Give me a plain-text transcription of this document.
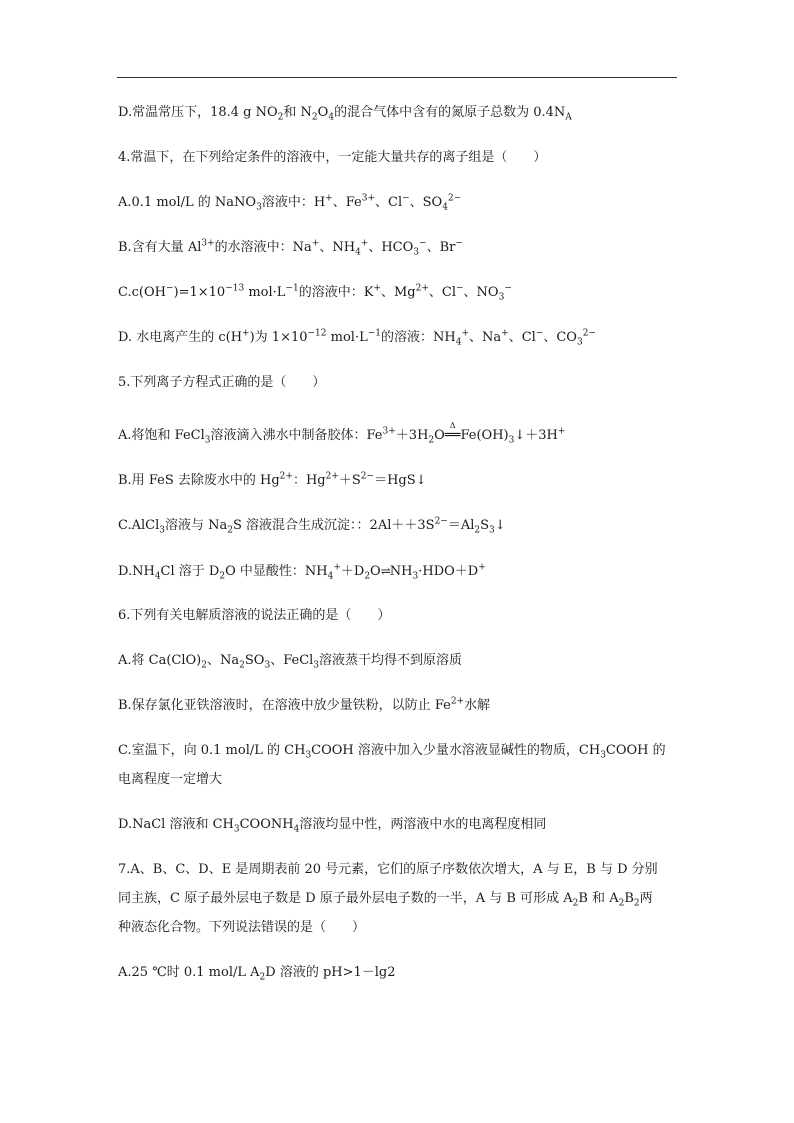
D.常温常压下，18.4 g $NO_2$和 $N_2O_4$的混合气体中含有的氮原子总数为 $0.4N_A$
4.常温下，在下列给定条件的溶液中，一定能大量共存的离子组是（　　）
A.0.1 mol/L 的 NaNO$_3$溶液中：H+、$Fe^{3+}$、Cl−、$SO_4^{2-}$
B.含有大量 $Al^{3+}$的水溶液中：Na+、$NH_4^+$、$HCO_3^-$、Br−
$C.c(OH^-)=1\times 10^{-13}$ $mol\cdot L^{-1}$的溶液中：K+、$Mg^{2+}$、Cl−、$NO_3^-$
D. 水电离产生的 c(H+)为 $1\times 10^{-12}$ $mol\cdot L^{-1}$的溶液：$NH_4^+$、Na+、Cl−、$CO_3^{2-}$
5.下列离子方程式正确的是（　　）
A.将饱和 FeCl$_3$溶液滴入沸水中制备胶体：$Fe^{3+}+3H_2O$
Δ
$══Fe(OH)_3↓+3H^+$
B.用 FeS 去除废水中的 $Hg^{2+}$：$Hg^{2+}+S^{2-}=HgS↓$
C.AlCl$_3$溶液与 $Na_2S$ 溶液混合生成沉淀：：$2Al++3S^{2-}=Al_2S_3↓$
$D.NH_4Cl$ 溶于 $D_2O$ 中显酸性：$NH_4^++D_2O\rightleftharpoons NH_3\cdot HDO+D^+$
6.下列有关电解质溶液的说法正确的是（　　）
A.将 $Ca(ClO)_2$、$Na_2SO_3$、FeCl$_3$溶液蒸干均得不到原溶质
B.保存氯化亚铁溶液时，在溶液中放少量铁粉，以防止 $Fe^{2+}$水解
C.室温下，向 0.1 mol/L 的 $CH_3COOH$ 溶液中加入少量水溶液显碱性的物质，$CH_3COOH$ 的
电离程度一定增大
D.NaCl 溶液和 $CH_3COONH_4$溶液均显中性，两溶液中水的电离程度相同
7.A、B、C、D、E 是周期表前 20 号元素，它们的原子序数依次增大，A 与 E，B 与 D 分别
同主族，C 原子最外层电子数是 D 原子最外层电子数的一半，A 与 B 可形成 $A_2B$ 和 $A_2B_2$两
种液态化合物。下列说法错误的是（　　）
A.25 ℃时 0.1 mol/L $A_2D$ 溶液的 pH>1－lg2
